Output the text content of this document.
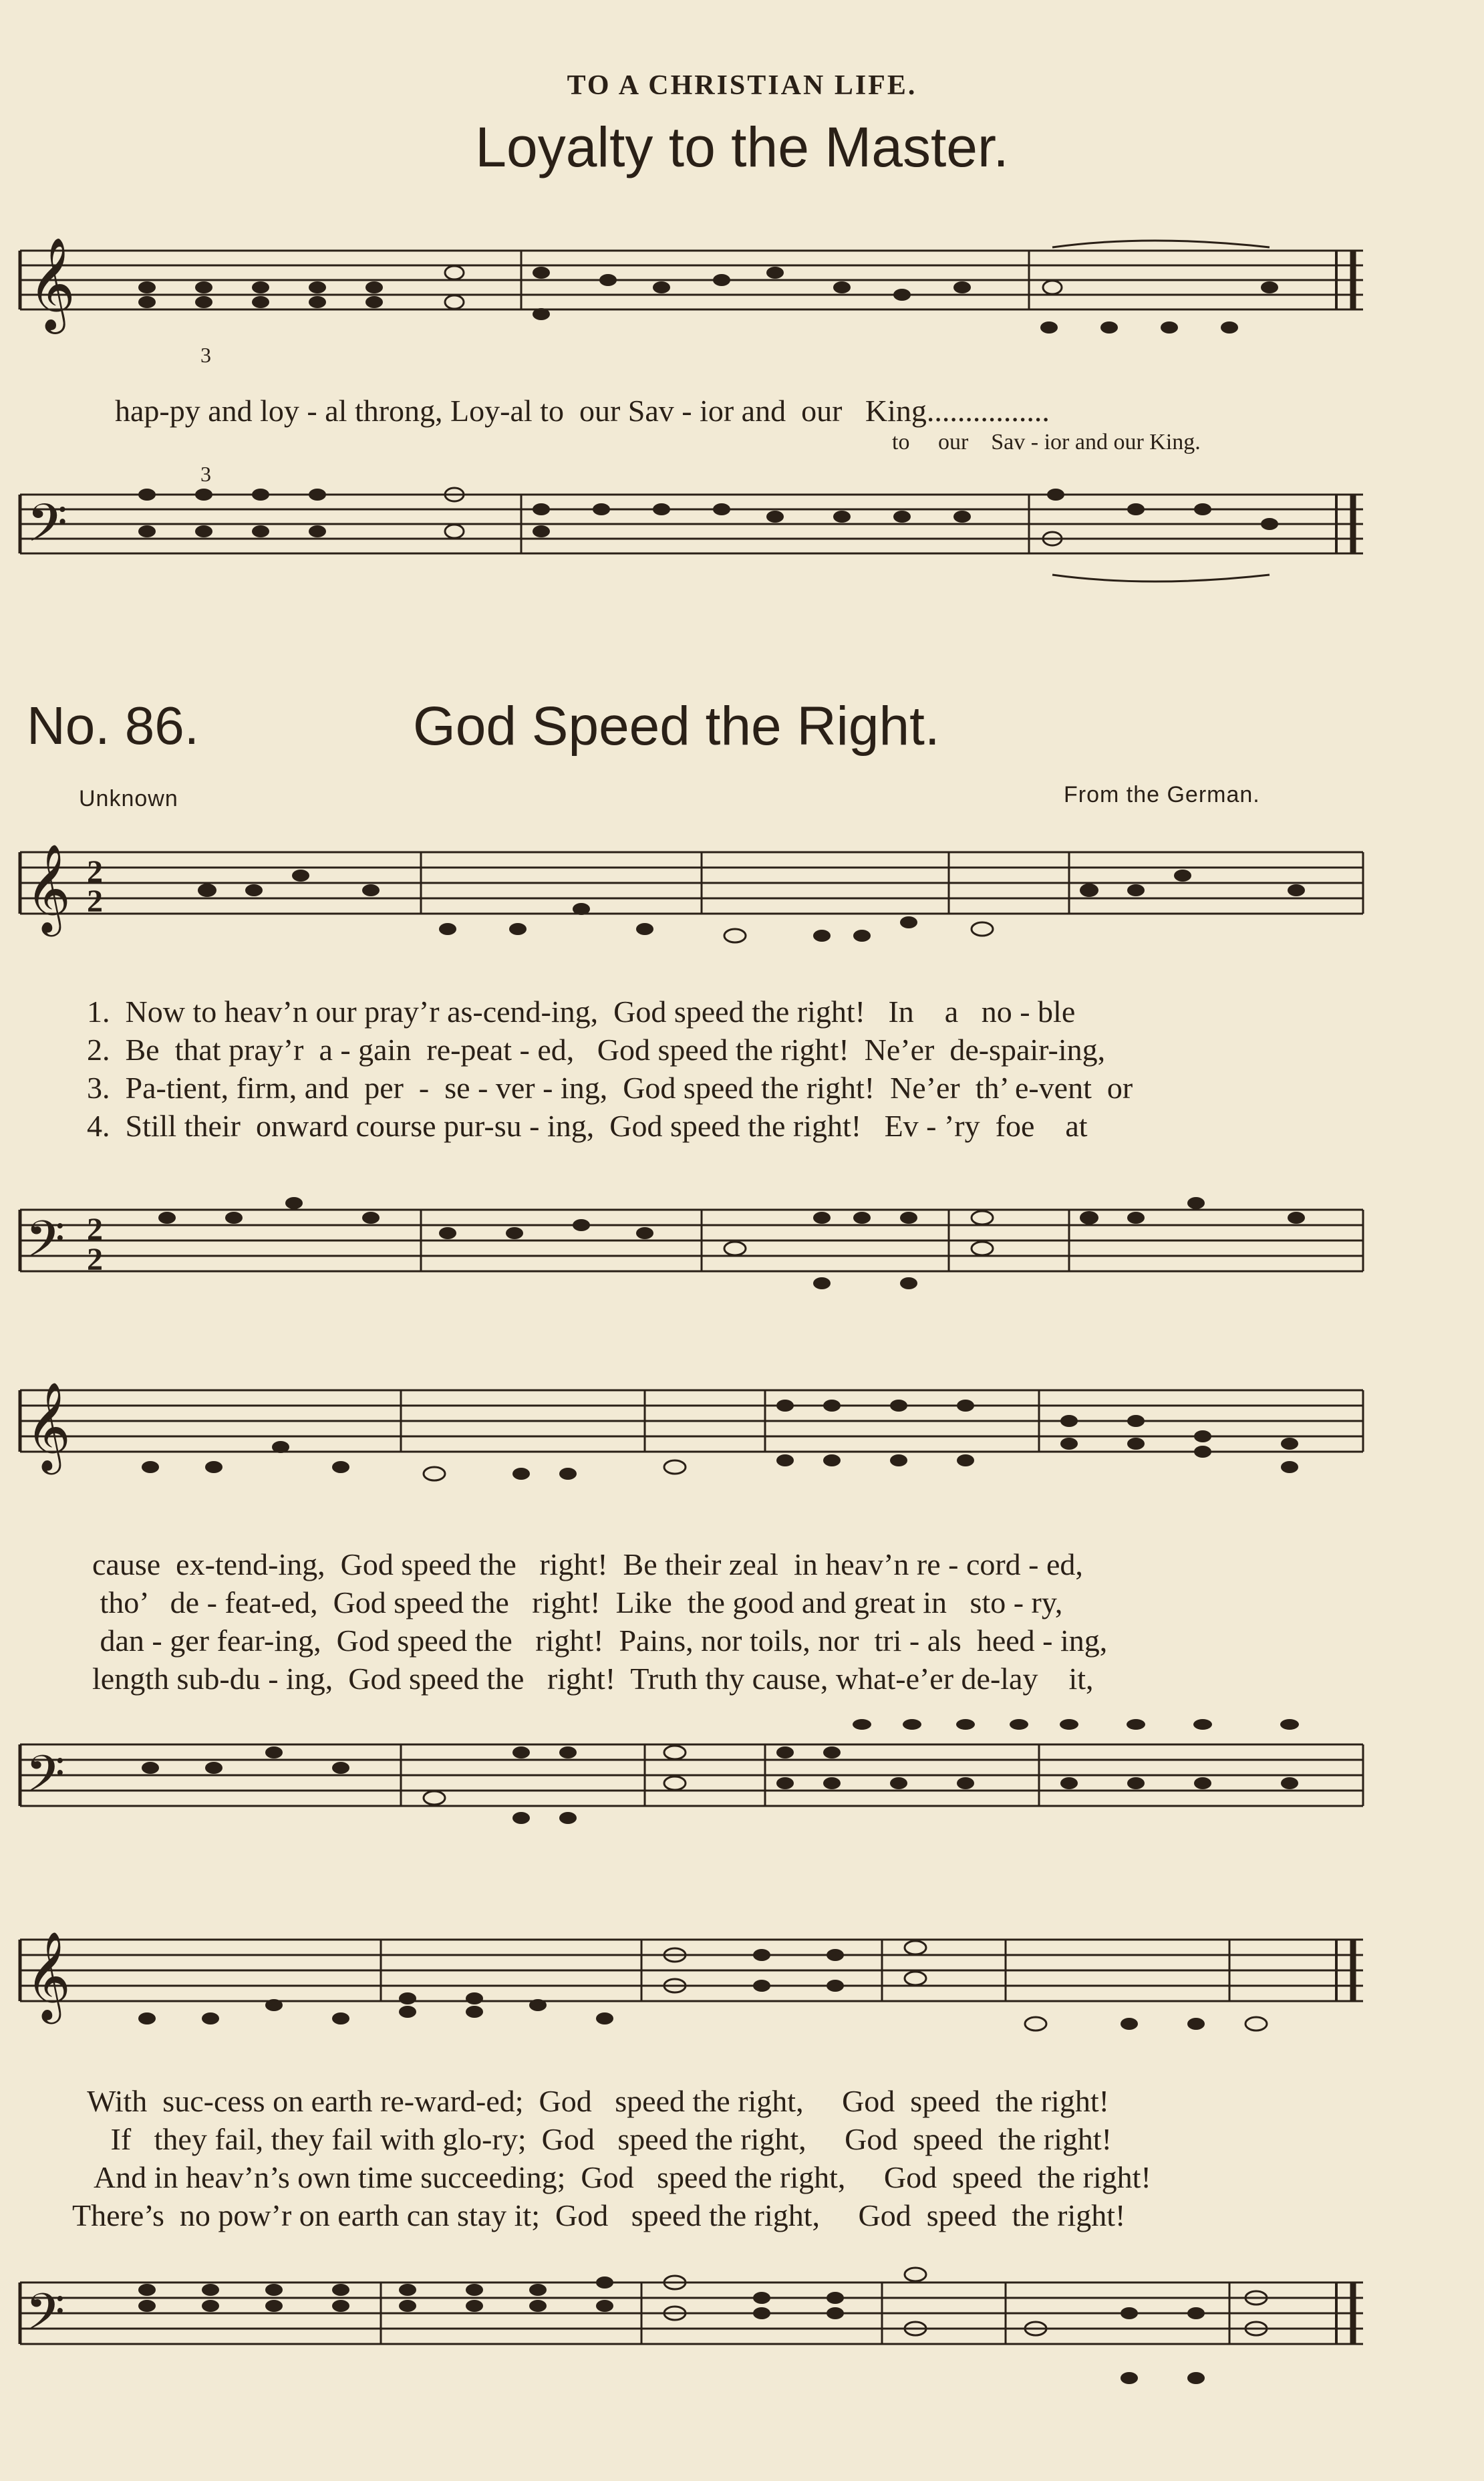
TO A CHRISTIAN LIFE.
Loyalty to the Master.
𝄞
3
hap-py and loy - al throng, Loy-al to  our Sav - ior and  our   King................
to     our    Sav - ior and our King.
𝄢
3
No. 86.	God Speed the Right.
Unknown	From the German.
𝄞 2
2
1.  Now to heav’n our pray’r as-cend-ing,  God speed the right!   In    a   no - ble
2.  Be  that pray’r  a - gain  re-peat - ed,   God speed the right!  Ne’er  de-spair-ing,
3.  Pa-tient, firm, and  per  -  se - ver - ing,  God speed the right!  Ne’er  th’ e-vent  or
4.  Still their  onward course pur-su - ing,  God speed the right!   Ev - ’ry  foe    at
𝄢 2
2
𝄞
cause  ex-tend-ing,  God speed the   right!  Be their zeal  in heav’n re - cord - ed,
tho’   de - feat-ed,  God speed the   right!  Like  the good and great in   sto - ry,
dan - ger fear-ing,  God speed the   right!  Pains, nor toils, nor  tri - als  heed - ing,
length sub-du - ing,  God speed the   right!  Truth thy cause, what-e’er de-lay    it,
𝄢
𝄞
With  suc-cess on earth re-ward-ed;  God   speed the right,     God  speed  the right!
If   they fail, they fail with glo-ry;  God   speed the right,     God  speed  the right!
And in heav’n’s own time succeeding;  God   speed the right,     God  speed  the right!
There’s  no pow’r on earth can stay it;  God   speed the right,     God  speed  the right!
𝄢
